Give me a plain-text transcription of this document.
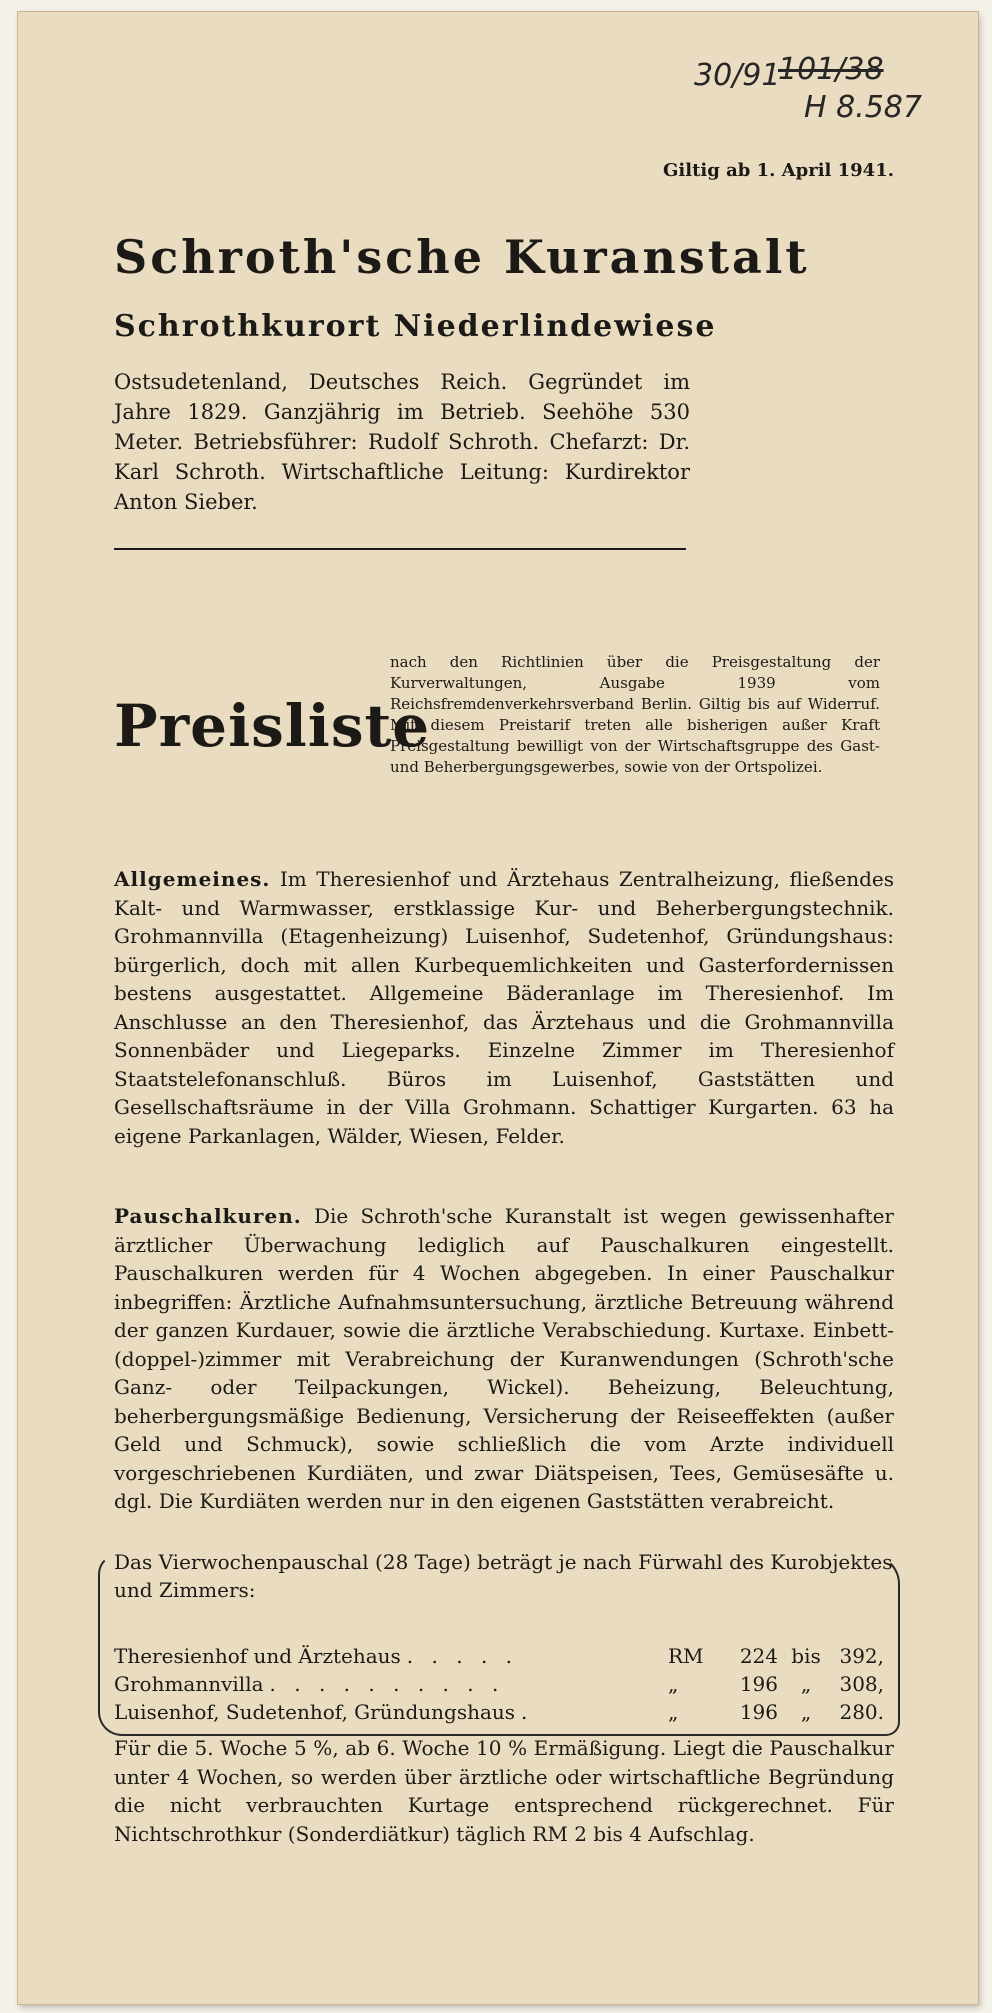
30/91
101/38
H 8.587
Giltig ab 1. April 1941.
Schroth'sche Kuranstalt
Schrothkurort Niederlindewiese
Ostsudetenland, Deutsches Reich. Gegründet im Jahre 1829. Ganzjährig im Betrieb. Seehöhe 530 Meter. Betriebsführer: Rudolf Schroth. Chefarzt: Dr. Karl Schroth. Wirtschaftliche Leitung: Kurdirektor Anton Sieber.
Preisliste
nach den Richtlinien über die Preisgestaltung der Kurverwaltungen, Ausgabe 1939 vom Reichsfremdenverkehrsverband Berlin. Giltig bis auf Widerruf. Mit diesem Preistarif treten alle bisherigen außer Kraft Preisgestaltung bewilligt von der Wirtschaftsgruppe des Gast- und Beherbergungsgewerbes, sowie von der Ortspolizei.
Allgemeines. Im Theresienhof und Ärztehaus Zentralheizung, fließendes Kalt- und Warmwasser, erstklassige Kur- und Beherbergungstechnik. Grohmannvilla (Etagenheizung) Luisenhof, Sudetenhof, Gründungshaus: bürgerlich, doch mit allen Kurbequemlichkeiten und Gasterfordernissen bestens ausgestattet. Allgemeine Bäderanlage im Theresienhof. Im Anschlusse an den Theresienhof, das Ärztehaus und die Grohmannvilla Sonnenbäder und Liegeparks. Einzelne Zimmer im Theresienhof Staatstelefonanschluß. Büros im Luisenhof, Gaststätten und Gesellschaftsräume in der Villa Grohmann. Schattiger Kurgarten. 63 ha eigene Parkanlagen, Wälder, Wiesen, Felder.
Pauschalkuren. Die Schroth'sche Kuranstalt ist wegen gewissenhafter ärztlicher Überwachung lediglich auf Pauschalkuren eingestellt. Pauschalkuren werden für 4 Wochen abgegeben. In einer Pauschalkur inbegriffen: Ärztliche Aufnahmsuntersuchung, ärztliche Betreuung während der ganzen Kurdauer, sowie die ärztliche Verabschiedung. Kurtaxe. Einbett- (doppel-)zimmer mit Verabreichung der Kuranwendungen (Schroth'sche Ganz- oder Teilpackungen, Wickel). Beheizung, Beleuchtung, beherbergungsmäßige Bedienung, Versicherung der Reiseeffekten (außer Geld und Schmuck), sowie schließlich die vom Arzte individuell vorgeschriebenen Kurdiäten, und zwar Diätspeisen, Tees, Gemüsesäfte u. dgl. Die Kurdiäten werden nur in den eigenen Gaststätten verabreicht.
Das Vierwochenpauschal (28 Tage) beträgt je nach Fürwahl des Kurobjektes und Zimmers:
Theresienhof und Ärztehaus . . . . .	RM	224 bis 392,
Grohmannvilla . . . . . . . . . .	„	196	„	308,
Luisenhof, Sudetenhof, Gründungshaus .	„	196	„	280.
Für die 5. Woche 5 %, ab 6. Woche 10 % Ermäßigung. Liegt die Pauschalkur unter 4 Wochen, so werden über ärztliche oder wirtschaftliche Begründung die nicht verbrauchten Kurtage entsprechend rückgerechnet. Für Nichtschrothkur (Sonderdiätkur) täglich RM 2 bis 4 Aufschlag.
